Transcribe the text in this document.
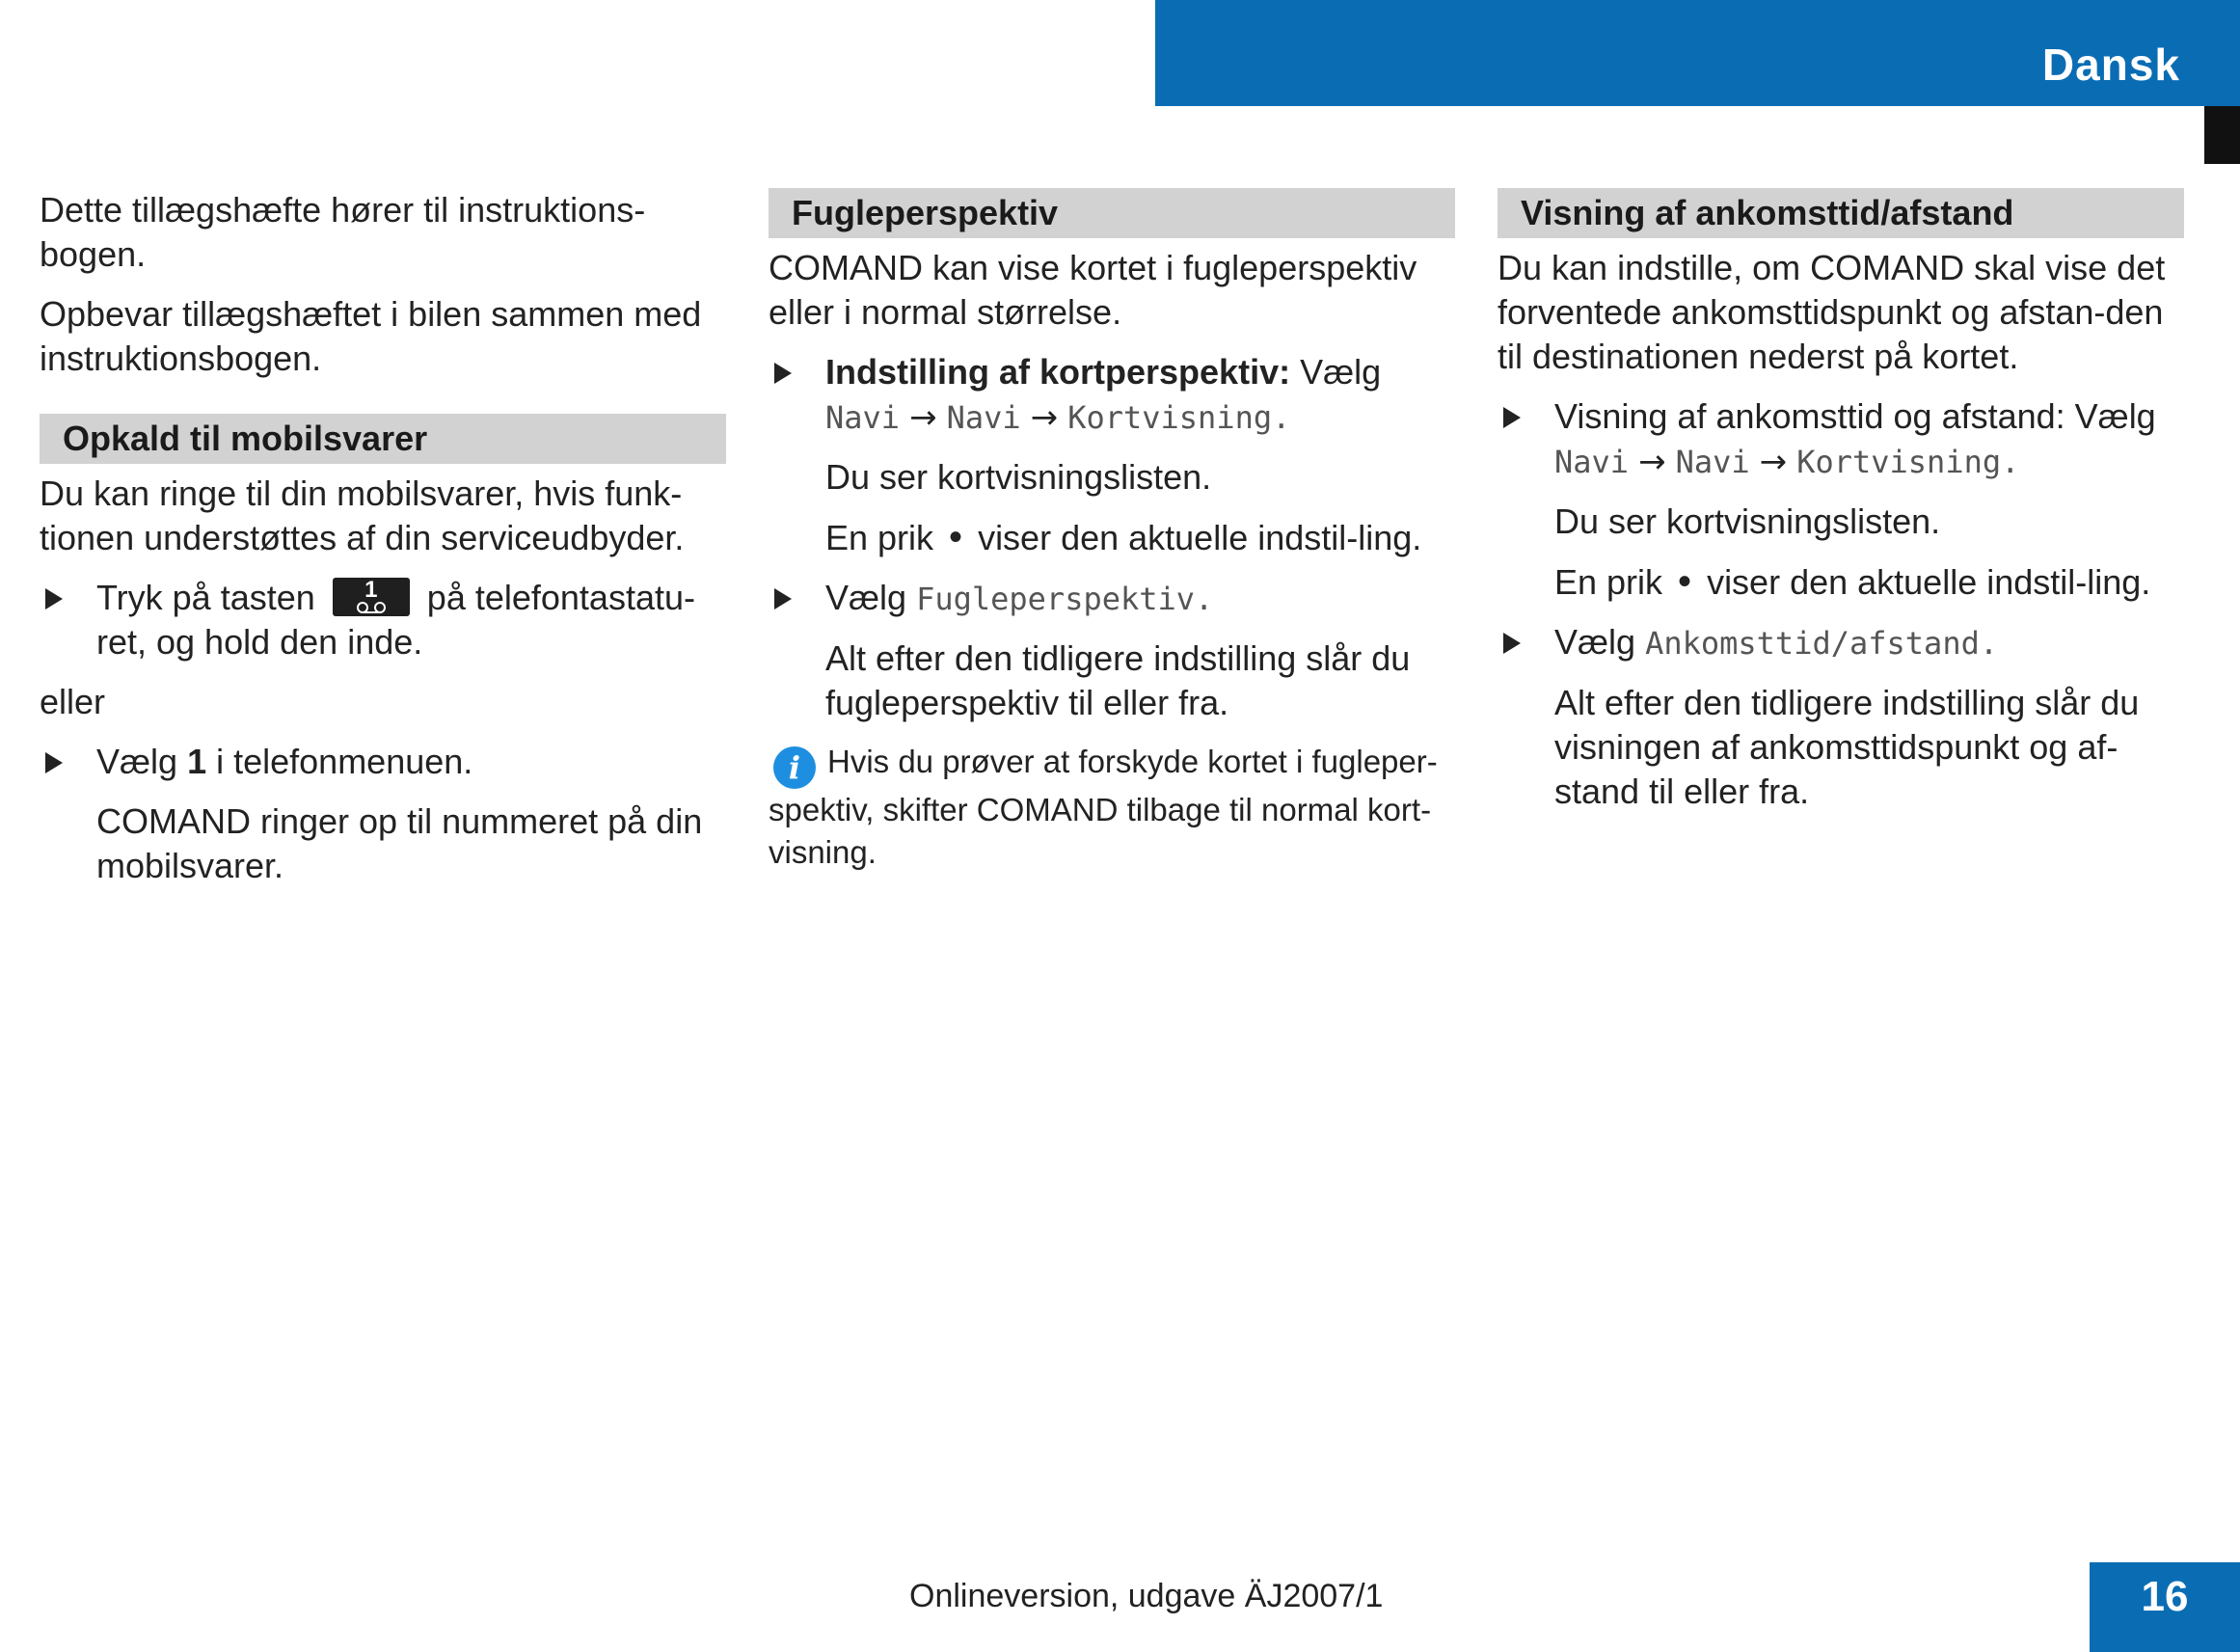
Dansk

Dette tillægshæfte hører til instruktions-bogen.

Opbevar tillægshæftet i bilen sammen med instruktionsbogen.

Opkald til mobilsvarer

Du kan ringe til din mobilsvarer, hvis funk-tionen understøttes af din serviceudbyder.

Tryk på tasten	1	på telefontastatu-ret, og hold den inde.

eller

Vælg 1 i telefonmenuen.

COMAND ringer op til nummeret på din mobilsvarer.

Fugleperspektiv

COMAND kan vise kortet i fugleperspektiv eller i normal størrelse.

Indstilling af kortperspektiv: Vælg
Navi → Navi → Kortvisning.

Du ser kortvisningslisten.

En prik • viser den aktuelle indstil-ling.

Vælg Fugleperspektiv.

Alt efter den tidligere indstilling slår du fugleperspektiv til eller fra.

i Hvis du prøver at forskyde kortet i fugleper-spektiv, skifter COMAND tilbage til normal kort-visning.

Visning af ankomsttid/afstand

Du kan indstille, om COMAND skal vise det forventede ankomsttidspunkt og afstan-den til destinationen nederst på kortet.

Visning af ankomsttid og afstand: Vælg
Navi → Navi → Kortvisning.

Du ser kortvisningslisten.

En prik • viser den aktuelle indstil-ling.

Vælg Ankomsttid/afstand.

Alt efter den tidligere indstilling slår du visningen af ankomsttidspunkt og af-stand til eller fra.

Onlineversion, udgave ÄJ2007/1	16
